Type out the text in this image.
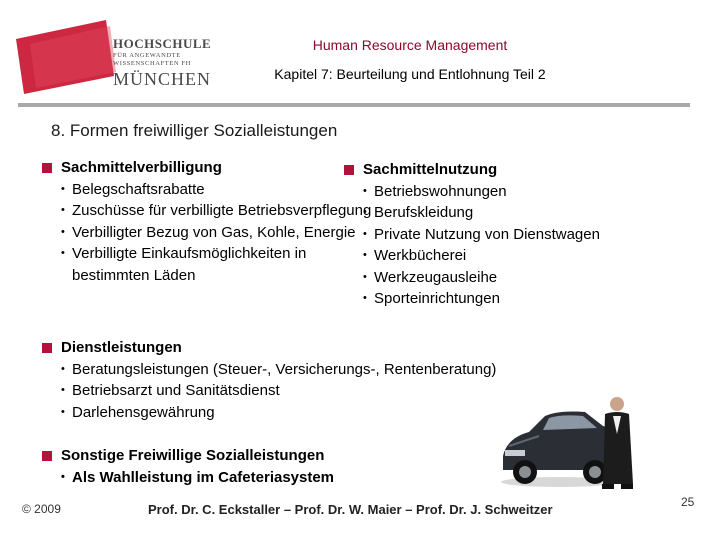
HOCHSCHULE
FÜR ANGEWANDTE
WISSENSCHAFTEN FH
MÜNCHEN
Human Resource Management
Kapitel 7: Beurteilung und Entlohnung Teil 2
8. Formen freiwilliger Sozialleistungen
Sachmittelverbilligung
• Belegschaftsrabatte
• Zuschüsse für verbilligte Betriebsverpflegung
• Verbilligter Bezug von Gas, Kohle, Energie
• Verbilligte Einkaufsmöglichkeiten in bestimmten Läden
Sachmittelnutzung
• Betriebswohnungen
• Berufskleidung
• Private Nutzung von Dienstwagen
• Werkbücherei
• Werkzeugausleihe
• Sporteinrichtungen
Dienstleistungen
• Beratungsleistungen (Steuer-, Versicherungs-, Rentenberatung)
• Betriebsarzt und Sanitätsdienst
• Darlehensgewährung
Sonstige Freiwillige Sozialleistungen
• Als Wahlleistung im Cafeteriasystem
© 2009	Prof. Dr. C. Eckstaller – Prof. Dr. W. Maier – Prof. Dr. J. Schweitzer	25
